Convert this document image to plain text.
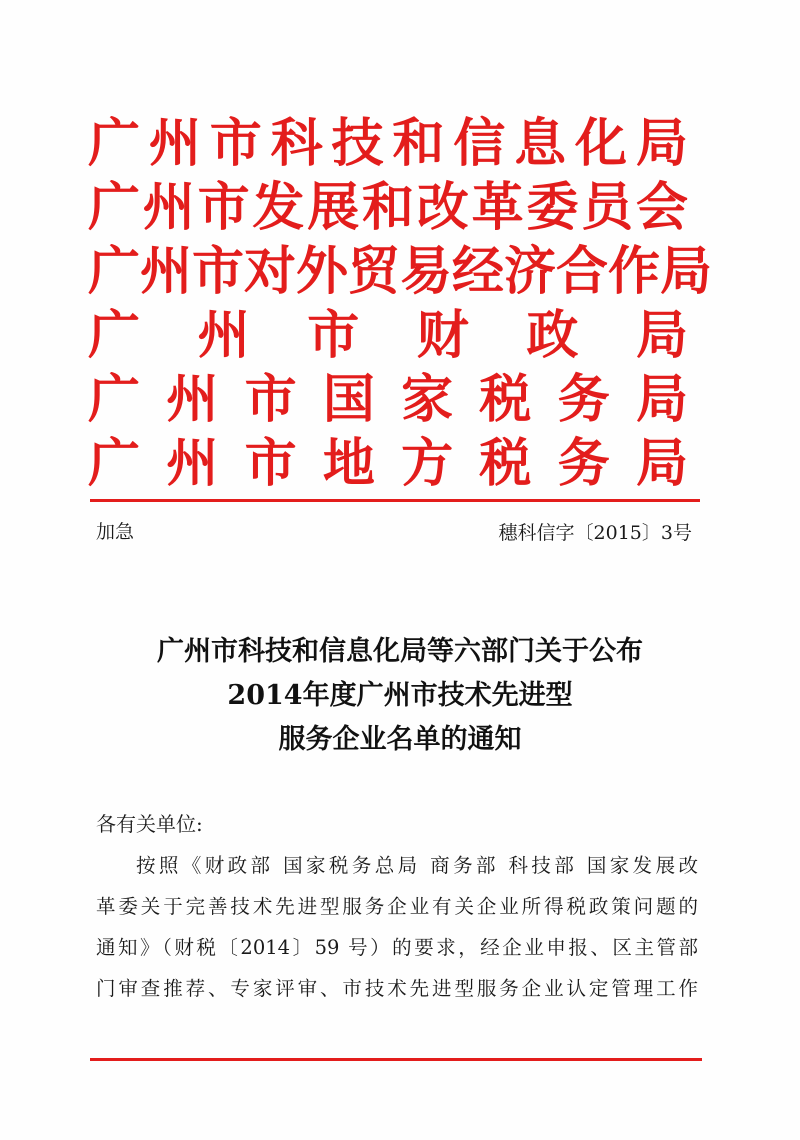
广 州 市 科 技 和 信 息 化 局
广 州 市 发 展 和 改 革 委 员 会
广 州 市 对 外 贸 易 经 济 合 作 局
广 州 市 财 政 局
广 州 市 国 家 税 务 局
广 州 市 地 方 税 务 局
加急	穗科信字〔2015〕3号
广州市科技和信息化局等六部门关于公布
2014年度广州市技术先进型
服务企业名单的通知
各有关单位:
按照《财政部 国家税务总局 商务部 科技部 国家发展改
革委关于完善技术先进型服务企业有关企业所得税政策问题的
通知》（财税〔2014〕59 号）的要求，经企业申报、区主管部
门审查推荐、专家评审、市技术先进型服务企业认定管理工作
